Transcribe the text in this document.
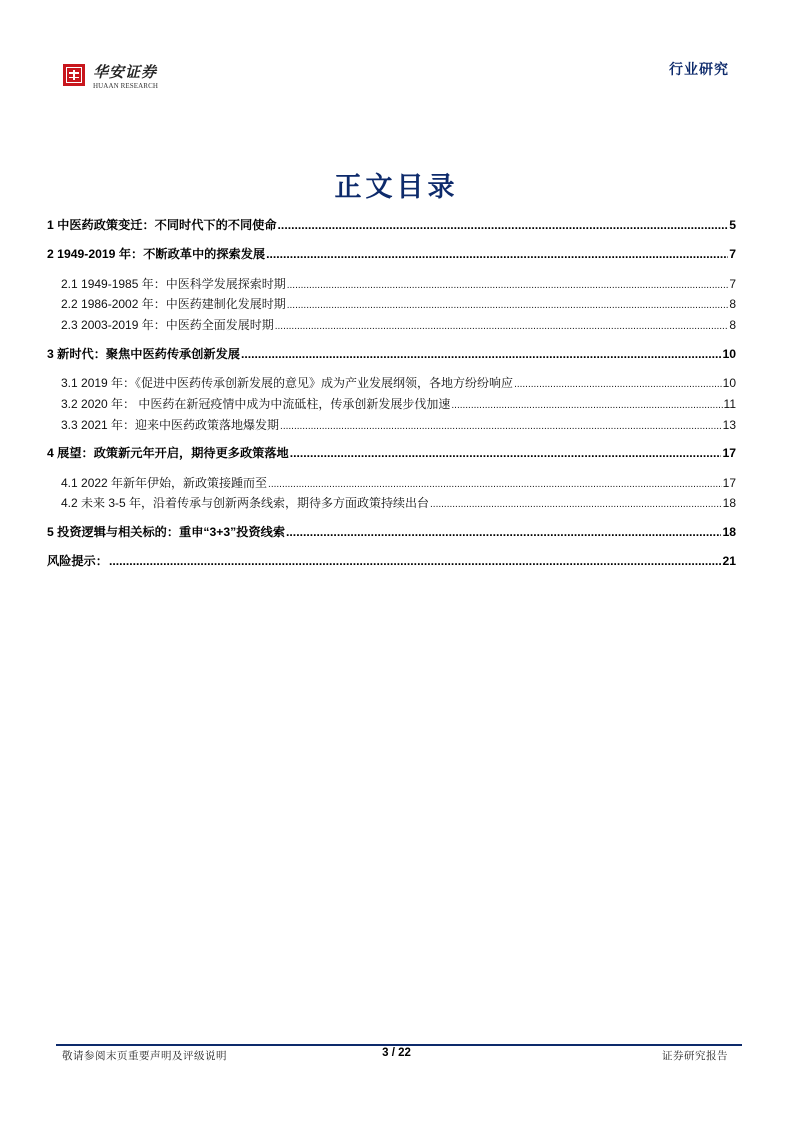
华安证券
HUAAN RESEARCH
行业研究
正文目录
1 中医药政策变迁：不同时代下的不同使命 .....	5
2 1949-2019 年：不断政革中的探索发展 .....	7
2.1 1949-1985 年：中医科学发展探索时期 .....	7
2.2 1986-2002 年：中医药建制化发展时期 .....	8
2.3 2003-2019 年：中医药全面发展时期 .....	8
3 新时代：聚焦中医药传承创新发展 .....	10
3.1 2019 年：《促进中医药传承创新发展的意见》成为产业发展纲领，各地方纷纷响应 .....	10
3.2 2020 年： 中医药在新冠疫情中成为中流砥柱，传承创新发展步伐加速 .....	11
3.3 2021 年：迎来中医药政策落地爆发期 .....	13
4 展望：政策新元年开启，期待更多政策落地 .....	17
4.1 2022 年新年伊始，新政策接踵而至 .....	17
4.2 未来 3-5 年，沿着传承与创新两条线索，期待多方面政策持续出台 .....	18
5 投资逻辑与相关标的：重申“3+3”投资线索 .....	18
风险提示： .....	21
敬请参阅末页重要声明及评级说明	3 / 22	证券研究报告
